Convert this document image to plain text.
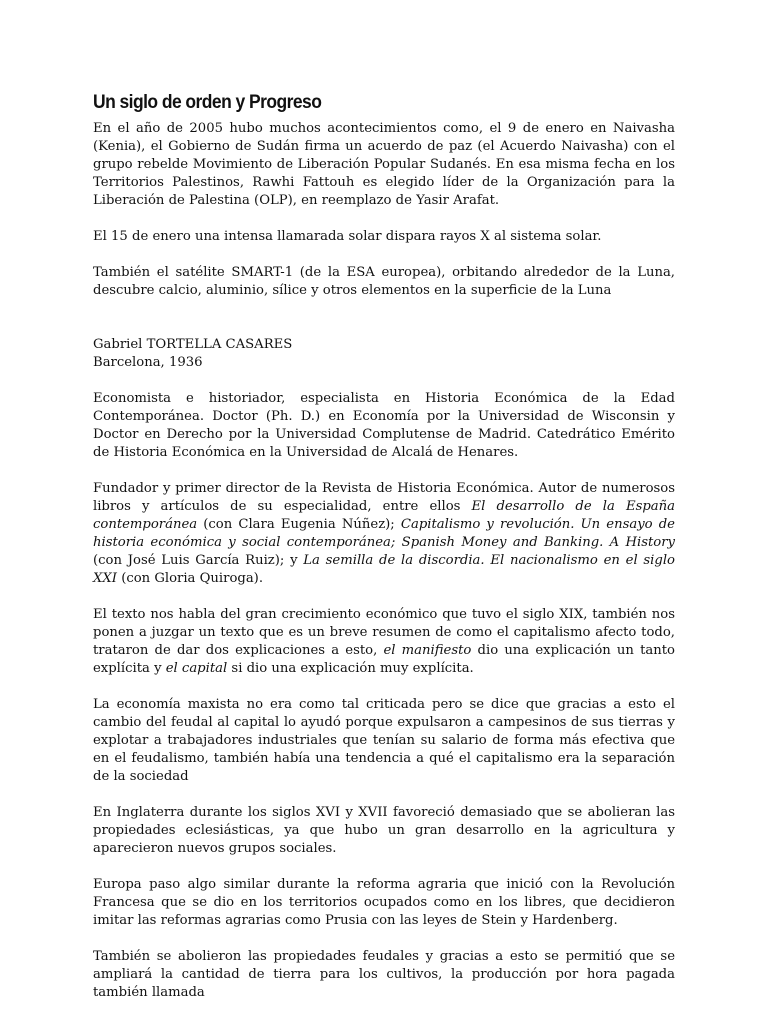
Un siglo de orden y Progreso

En el año de 2005 hubo muchos acontecimientos como, el 9 de enero en Naivasha (Kenia), el Gobierno de Sudán firma un acuerdo de paz (el Acuerdo Naivasha) con el grupo rebelde Movimiento de Liberación Popular Sudanés. En esa misma fecha en los Territorios Palestinos, Rawhi Fattouh es elegido líder de la Organización para la Liberación de Palestina (OLP), en reemplazo de Yasir Arafat.

El 15 de enero una intensa llamarada solar dispara rayos X al sistema solar.

También el satélite SMART-1 (de la ESA europea), orbitando alrededor de la Luna, descubre calcio, aluminio, sílice y otros elementos en la superficie de la Luna

Gabriel TORTELLA CASARES
Barcelona, 1936

Economista e historiador, especialista en Historia Económica de la Edad Contemporánea. Doctor (Ph. D.) en Economía por la Universidad de Wisconsin y Doctor en Derecho por la Universidad Complutense de Madrid. Catedrático Emérito de Historia Económica en la Universidad de Alcalá de Henares.

Fundador y primer director de la Revista de Historia Económica. Autor de numerosos libros y artículos de su especialidad, entre ellos El desarrollo de la España contemporánea (con Clara Eugenia Núñez); Capitalismo y revolución. Un ensayo de historia económica y social contemporánea; Spanish Money and Banking. A History (con José Luis García Ruiz); y La semilla de la discordia. El nacionalismo en el siglo XXI (con Gloria Quiroga).

El texto nos habla del gran crecimiento económico que tuvo el siglo XIX, también nos ponen a juzgar un texto que es un breve resumen de como el capitalismo afecto todo, trataron de dar dos explicaciones a esto, el manifiesto dio una explicación un tanto explícita y el capital si dio una explicación muy explícita.

La economía maxista no era como tal criticada pero se dice que gracias a esto el cambio del feudal al capital lo ayudó porque expulsaron a campesinos de sus tierras y explotar a trabajadores industriales que tenían su salario de forma más efectiva que en el feudalismo, también había una tendencia a qué el capitalismo era la separación de la sociedad

En Inglaterra durante los siglos XVI y XVII favoreció demasiado que se abolieran las propiedades eclesiásticas, ya que hubo un gran desarrollo en la agricultura y aparecieron nuevos grupos sociales.

Europa paso algo similar durante la reforma agraria que inició con la Revolución Francesa que se dio en los territorios ocupados como en los libres, que decidieron imitar las reformas agrarias como Prusia con las leyes de Stein y Hardenberg.

También se abolieron las propiedades feudales y gracias a esto se permitió que se ampliará la cantidad de tierra para los cultivos, la producción por hora pagada también llamada
